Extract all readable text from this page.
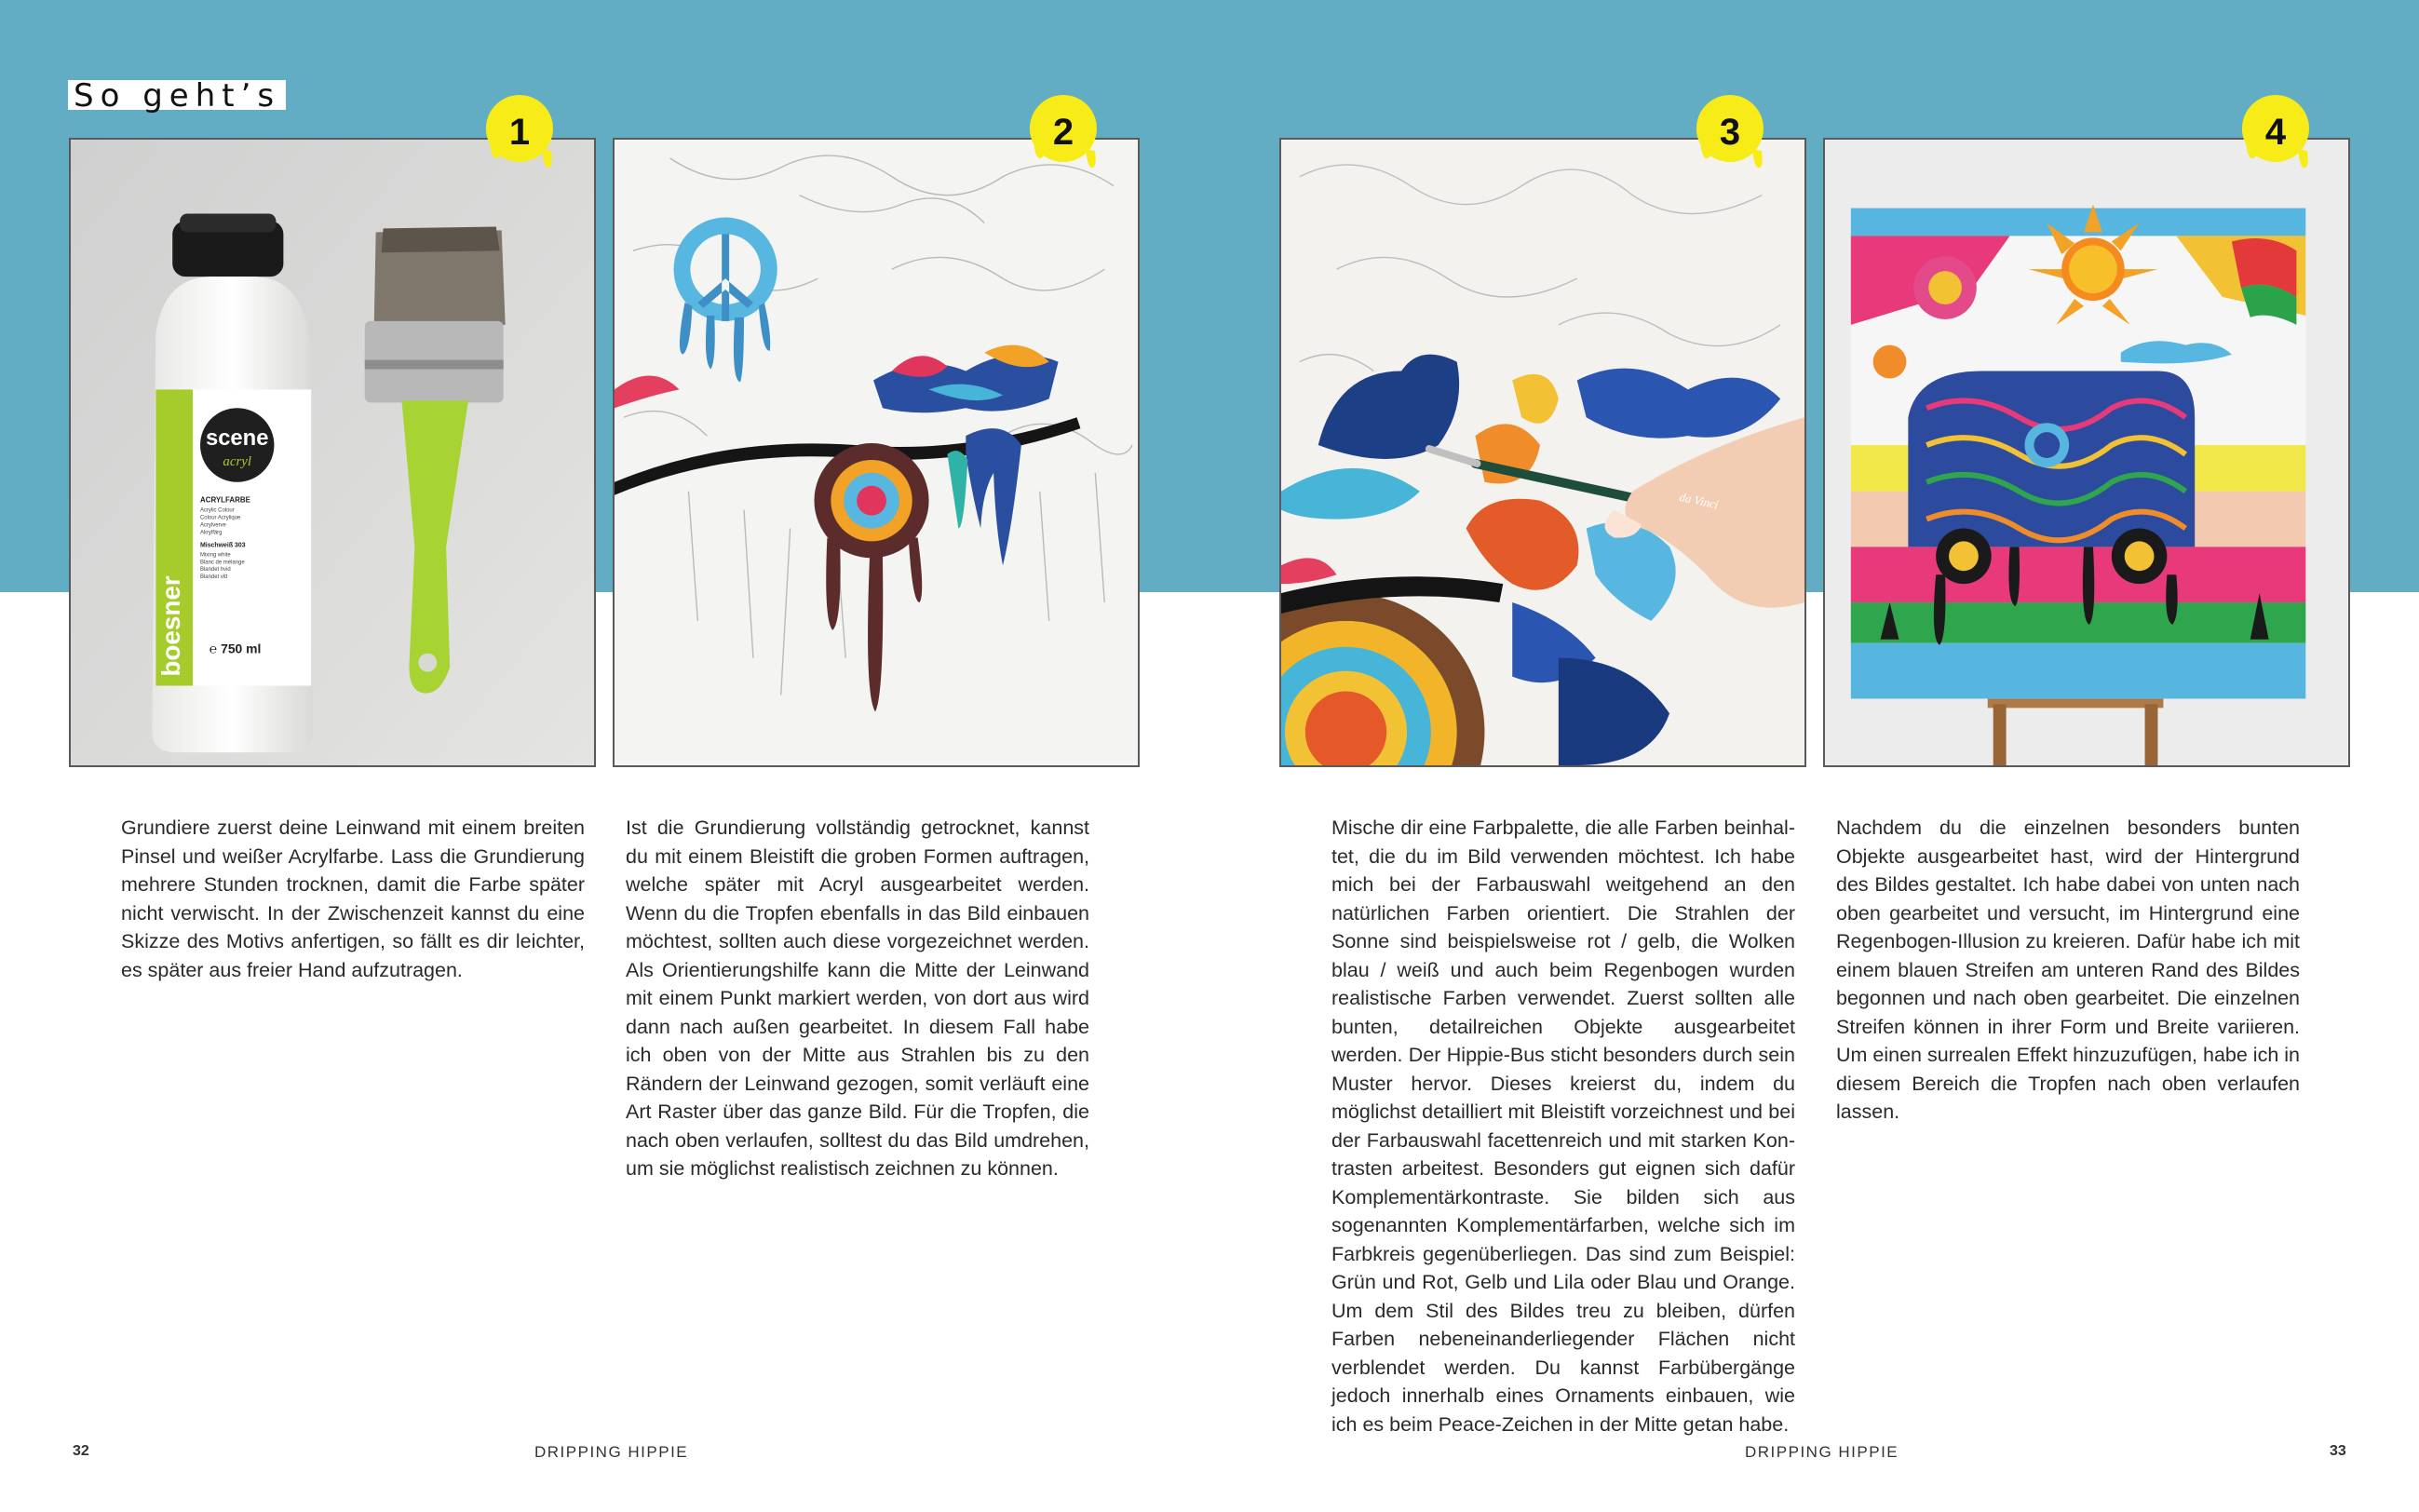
So geht’s
scene
acryl
boesner
ACRYLFARBE
Acrylic Colour
Colour Acrylique
Acrylverve
Akrylfärg
Mischweiß 303
Mixing white
Blanc de mélange
Blandet hvid
Blandet vitt
℮ 750 ml
1
Grundiere zuerst deine Leinwand mit einem breiten Pinsel und weißer Acrylfarbe. Lass die Grundierung mehrere Stunden trocknen, damit die Farbe später nicht verwischt. In der Zwischenzeit kannst du eine Skizze des Motivs anfertigen, so fällt es dir leichter, es später aus freier Hand aufzutragen.
2
Ist die Grundierung vollständig getrocknet, kannst du mit einem Bleistift die groben Formen auftragen, welche später mit Acryl ausgearbeitet werden. Wenn du die Tropfen ebenfalls in das Bild einbauen möchtest, sollten auch diese vorgezeichnet werden. Als Orientierungshilfe kann die Mitte der Leinwand mit einem Punkt markiert werden, von dort aus wird dann nach außen gearbeitet. In diesem Fall habe ich oben von der Mitte aus Strahlen bis zu den Rändern der Leinwand gezogen, somit verläuft eine Art Raster über das ganze Bild. Für die Tropfen, die nach oben verlaufen, solltest du das Bild umdrehen, um sie möglichst realistisch zeichnen zu können.
da Vinci
3
Mische dir eine Farbpalette, die alle Farben beinhaltet, die du im Bild verwenden möchtest. Ich habe mich bei der Farbauswahl weitgehend an den natürlichen Farben orientiert. Die Strahlen der Sonne sind beispielsweise rot / gelb, die Wolken blau / weiß und auch beim Regenbogen wurden realistische Farben verwendet. Zuerst sollten alle bunten, detailreichen Objekte ausgearbeitet werden. Der Hippie-Bus sticht besonders durch sein Muster hervor. Dieses kreierst du, indem du möglichst detailliert mit Bleistift vorzeichnest und bei der Farbauswahl facettenreich und mit starken Kontrasten arbeitest. Besonders gut eignen sich dafür Komplementärkontraste. Sie bilden sich aus sogenannten Komplementärfarben, welche sich im Farbkreis gegenüberliegen. Das sind zum Beispiel: Grün und Rot, Gelb und Lila oder Blau und Orange. Um dem Stil des Bildes treu zu bleiben, dürfen Farben nebeneinanderliegender Flächen nicht verblendet werden. Du kannst Farbübergänge jedoch innerhalb eines Ornaments einbauen, wie ich es beim Peace-Zeichen in der Mitte getan habe.
4
Nachdem du die einzelnen besonders bunten Objekte ausgearbeitet hast, wird der Hintergrund des Bildes gestaltet. Ich habe dabei von unten nach oben gearbeitet und versucht, im Hintergrund eine Regenbogen-Illusion zu kreieren. Dafür habe ich mit einem blauen Streifen am unteren Rand des Bildes begonnen und nach oben gearbeitet. Die einzelnen Streifen können in ihrer Form und Breite variieren. Um einen surrealen Effekt hinzuzufügen, habe ich in diesem Bereich die Tropfen nach oben verlaufen lassen.
32	DRIPPING HIPPIE	DRIPPING HIPPIE	33
